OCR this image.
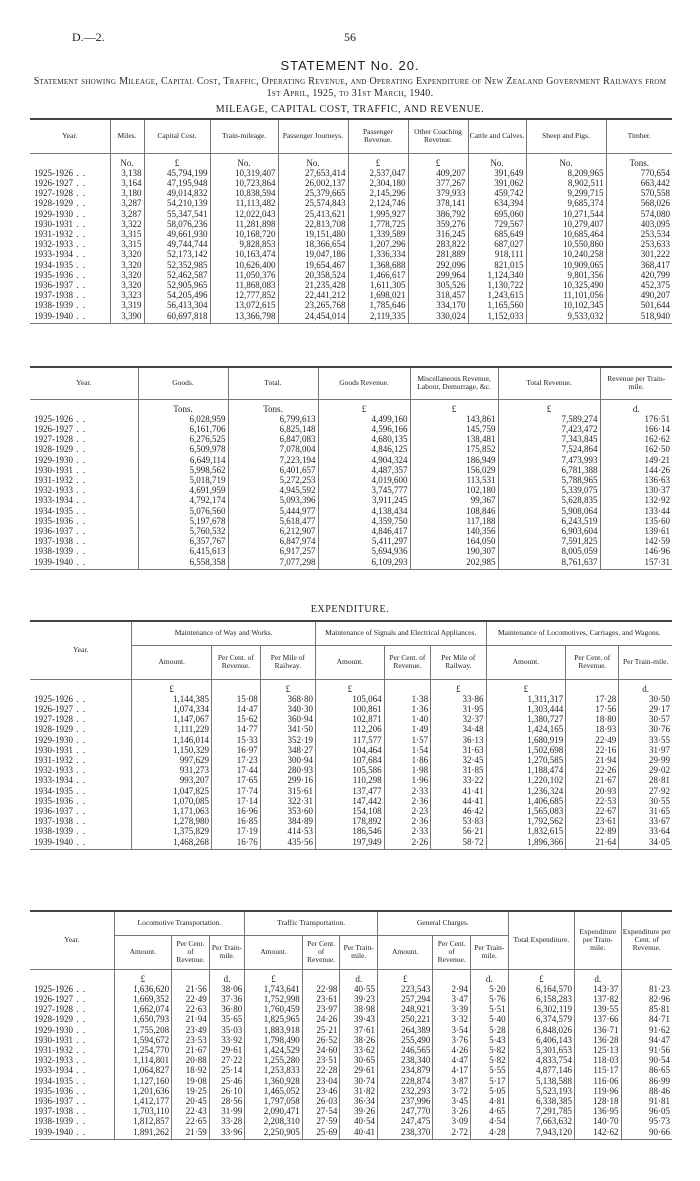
D.—2.	56
STATEMENT No. 20.
Statement showing Mileage, Capital Cost, Traffic, Operating Revenue, and Operating Expenditure of New Zealand Government Railways from 1st April, 1925, to 31st March, 1940.
MILEAGE, CAPITAL COST, TRAFFIC, AND REVENUE.
Year.	Miles.	Capital Cost.	Train-mileage.	Passenger Journeys.	Passenger Revenue.	Other Coaching Revenue.	Cattle and Calves.	Sheep and Pigs.	Timber.
	No.	£	No.	No.	£	£	No.	No.	Tons.
1925-1926 . .	3,138	45,794,199	10,319,407	27,653,414	2,537,047	409,207	391,649	8,209,965	770,654
1926-1927 . .	3,164	47,195,948	10,723,864	26,002,137	2,304,180	377,267	391,062	8,902,511	663,442
1927-1928 . .	3,180	49,014,832	10,838,594	25,379,665	2,145,296	379,933	459,742	9,299,715	570,558
1928-1929 . .	3,287	54,210,139	11,113,482	25,574,843	2,124,746	378,141	634,394	9,685,374	568,026
1929-1930 . .	3,287	55,347,541	12,022,043	25,413,621	1,995,927	386,792	695,060	10,271,544	574,080
1930-1931 . .	3,322	58,076,236	11,281,898	22,813,708	1,778,725	359,276	729,567	10,279,407	403,095
1931-1932 . .	3,315	49,661,930	10,168,720	19,151,480	1,339,589	316,245	685,649	10,685,464	253,534
1932-1933 . .	3,315	49,744,744	9,828,853	18,366,654	1,207,296	283,822	687,027	10,550,860	253,633
1933-1934 . .	3,320	52,173,142	10,163,474	19,047,186	1,336,334	281,889	918,111	10,240,258	301,222
1934-1935 . .	3,320	52,352,985	10,626,400	19,654,467	1,368,688	292,096	821,015	10,909,065	368,417
1935-1936 . .	3,320	52,462,587	11,050,376	20,358,524	1,466,617	299,964	1,124,340	9,801,356	420,799
1936-1937 . .	3,320	52,905,965	11,868,083	21,235,428	1,611,305	305,526	1,130,722	10,325,490	452,375
1937-1938 . .	3,323	54,205,496	12,777,852	22,441,212	1,698,021	318,457	1,243,615	11,101,056	490,207
1938-1939 . .	3,319	56,413,304	13,072,615	23,265,768	1,785,646	334,170	1,165,560	10,102,345	501,644
1939-1940 . .	3,390	60,697,818	13,366,798	24,454,014	2,119,335	330,024	1,152,033	9,533,032	518,940
Year.	Goods.	Total.	Goods Revenue.	Miscellaneous Revenue, Labour, Demurrage, &c.	Total Revenue.	Revenue per Train-mile.
	Tons.	Tons.	£	£	£	d.
1925-1926 . .	6,028,959	6,799,613	4,499,160	143,861	7,589,274	176·51
1926-1927 . .	6,161,706	6,825,148	4,596,166	145,759	7,423,472	166·14
1927-1928 . .	6,276,525	6,847,083	4,680,135	138,481	7,343,845	162·62
1928-1929 . .	6,509,978	7,078,004	4,846,125	175,852	7,524,864	162·50
1929-1930 . .	6,649,114	7,223,194	4,904,324	186,949	7,473,993	149·21
1930-1931 . .	5,998,562	6,401,657	4,487,357	156,029	6,781,388	144·26
1931-1932 . .	5,018,719	5,272,253	4,019,600	113,531	5,788,965	136·63
1932-1933 . .	4,691,959	4,945,592	3,745,777	102,180	5,339,075	130·37
1933-1934 . .	4,792,174	5,093,396	3,911,245	99,367	5,628,835	132·92
1934-1935 . .	5,076,560	5,444,977	4,138,434	108,846	5,908,064	133·44
1935-1936 . .	5,197,678	5,618,477	4,359,750	117,188	6,243,519	135·60
1936-1937 . .	5,760,532	6,212,907	4,846,417	140,356	6,903,604	139·61
1937-1938 . .	6,357,767	6,847,974	5,411,297	164,050	7,591,825	142·59
1938-1939 . .	6,415,613	6,917,257	5,694,936	190,307	8,005,059	146·96
1939-1940 . .	6,558,358	7,077,298	6,109,293	202,985	8,761,637	157·31
EXPENDITURE.
Year.	Maintenance of Way and Works.			Maintenance of Signals and Electrical Appliances.			Maintenance of Locomotives, Carriages, and Wagons.		
	Amount.	Per Cent. of Revenue.	Per Mile of Railway.	Amount.	Per Cent. of Revenue.	Per Mile of Railway.	Amount.	Per Cent. of Revenue.	Per Train-mile.
	£		£	£		£	£		d.
1925-1926 . .	1,144,385	15·08	368·80	105,064	1·38	33·86	1,311,317	17·28	30·50
1926-1927 . .	1,074,334	14·47	340·30	100,861	1·36	31·95	1,303,444	17·56	29·17
1927-1928 . .	1,147,067	15·62	360·94	102,871	1·40	32·37	1,380,727	18·80	30·57
1928-1929 . .	1,111,229	14·77	341·50	112,206	1·49	34·48	1,424,165	18·93	30·76
1929-1930 . .	1,146,014	15·33	352·19	117,577	1·57	36·13	1,680,919	22·49	33·55
1930-1931 . .	1,150,329	16·97	348·27	104,464	1·54	31·63	1,502,698	22·16	31·97
1931-1932 . .	997,629	17·23	300·94	107,684	1·86	32·45	1,270,585	21·94	29·99
1932-1933 . .	931,273	17·44	280·93	105,586	1·98	31·85	1,188,474	22·26	29·02
1933-1934 . .	993,207	17·65	299·16	110,298	1·96	33·22	1,220,102	21·67	28·81
1934-1935 . .	1,047,825	17·74	315·61	137,477	2·33	41·41	1,236,324	20·93	27·92
1935-1936 . .	1,070,085	17·14	322·31	147,442	2·36	44·41	1,406,685	22·53	30·55
1936-1937 . .	1,171,063	16·96	353·60	154,108	2·23	46·42	1,565,083	22·67	31·65
1937-1938 . .	1,278,980	16·85	384·89	178,892	2·36	53·83	1,792,562	23·61	33·67
1938-1939 . .	1,375,829	17·19	414·53	186,546	2·33	56·21	1,832,615	22·89	33·64
1939-1940 . .	1,468,268	16·76	435·56	197,949	2·26	58·72	1,896,366	21·64	34·05
Year.	Locomotive Transportation.			Traffic Transportation.			General Charges.			Total Expenditure.	Expenditure per Train-mile.	Expenditure per Cent. of Revenue.
	Amount.	Per Cent. of Revenue.	Per Train-mile.	Amount.	Per Cent. of Revenue.	Per Train-mile.	Amount.	Per Cent. of Revenue.	Per Train-mile.			
	£		d.	£		d.	£		d.	£	d.	
1925-1926 . .	1,636,620	21·56	38·06	1,743,641	22·98	40·55	223,543	2·94	5·20	6,164,570	143·37	81·23
1926-1927 . .	1,669,352	22·49	37·36	1,752,998	23·61	39·23	257,294	3·47	5·76	6,158,283	137·82	82·96
1927-1928 . .	1,662,074	22·63	36·80	1,760,459	23·97	38·98	248,921	3·39	5·51	6,302,119	139·55	85·81
1928-1929 . .	1,650,793	21·94	35·65	1,825,965	24·26	39·43	250,221	3·32	5·40	6,374,579	137·66	84·71
1929-1930 . .	1,755,208	23·49	35·03	1,883,918	25·21	37·61	264,389	3·54	5·28	6,848,026	136·71	91·62
1930-1931 . .	1,594,672	23·53	33·92	1,798,490	26·52	38·26	255,490	3·76	5·43	6,406,143	136·28	94·47
1931-1932 . .	1,254,770	21·67	29·61	1,424,529	24·60	33·62	246,565	4·26	5·82	5,301,653	125·13	91·56
1932-1933 . .	1,114,801	20·88	27·22	1,255,280	23·51	30·65	238,340	4·47	5·82	4,833,754	118·03	90·54
1933-1934 . .	1,064,827	18·92	25·14	1,253,833	22·28	29·61	234,879	4·17	5·55	4,877,146	115·17	86·65
1934-1935 . .	1,127,160	19·08	25·46	1,360,928	23·04	30·74	228,874	3·87	5·17	5,138,588	116·06	86·99
1935-1936 . .	1,201,636	19·25	26·10	1,465,052	23·46	31·82	232,293	3·72	5·05	5,523,193	119·96	88·46
1936-1937 . .	1,412,177	20·45	28·56	1,797,058	26·03	36·34	237,996	3·45	4·81	6,338,385	128·18	91·81
1937-1938 . .	1,703,110	22·43	31·99	2,090,471	27·54	39·26	247,770	3·26	4·65	7,291,785	136·95	96·05
1938-1939 . .	1,812,857	22·65	33·28	2,208,310	27·59	40·54	247,475	3·09	4·54	7,663,632	140·70	95·73
1939-1940 . .	1,891,262	21·59	33·96	2,250,905	25·69	40·41	238,370	2·72	4·28	7,943,120	142·62	90·66
